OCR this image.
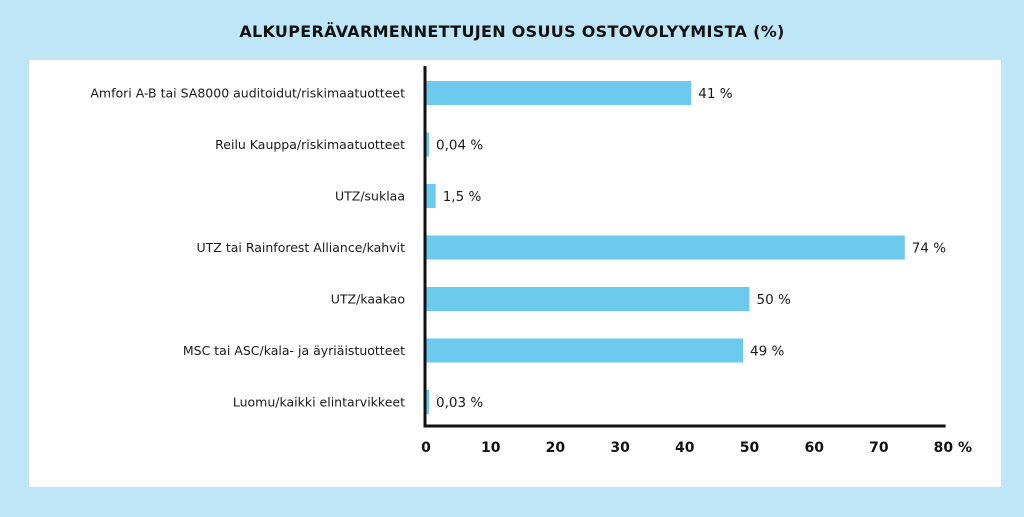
ALKUPERÄVARMENNETTUJEN OSUUS OSTOVOLYYMISTA (%)
Amfori A-B tai SA8000 auditoidut/riskimaatuotteet	41 %
Reilu Kauppa/riskimaatuotteet 0,04 %
UTZ/suklaa	1,5 %
UTZ tai Rainforest Alliance/kahvit	74 %
UTZ/kaakao	50 %
MSC tai ASC/kala- ja äyriäistuotteet	49 %
Luomu/kaikki elintarvikkeet 0,03 %
0	10	20	30	40	50	60	70	80 %
